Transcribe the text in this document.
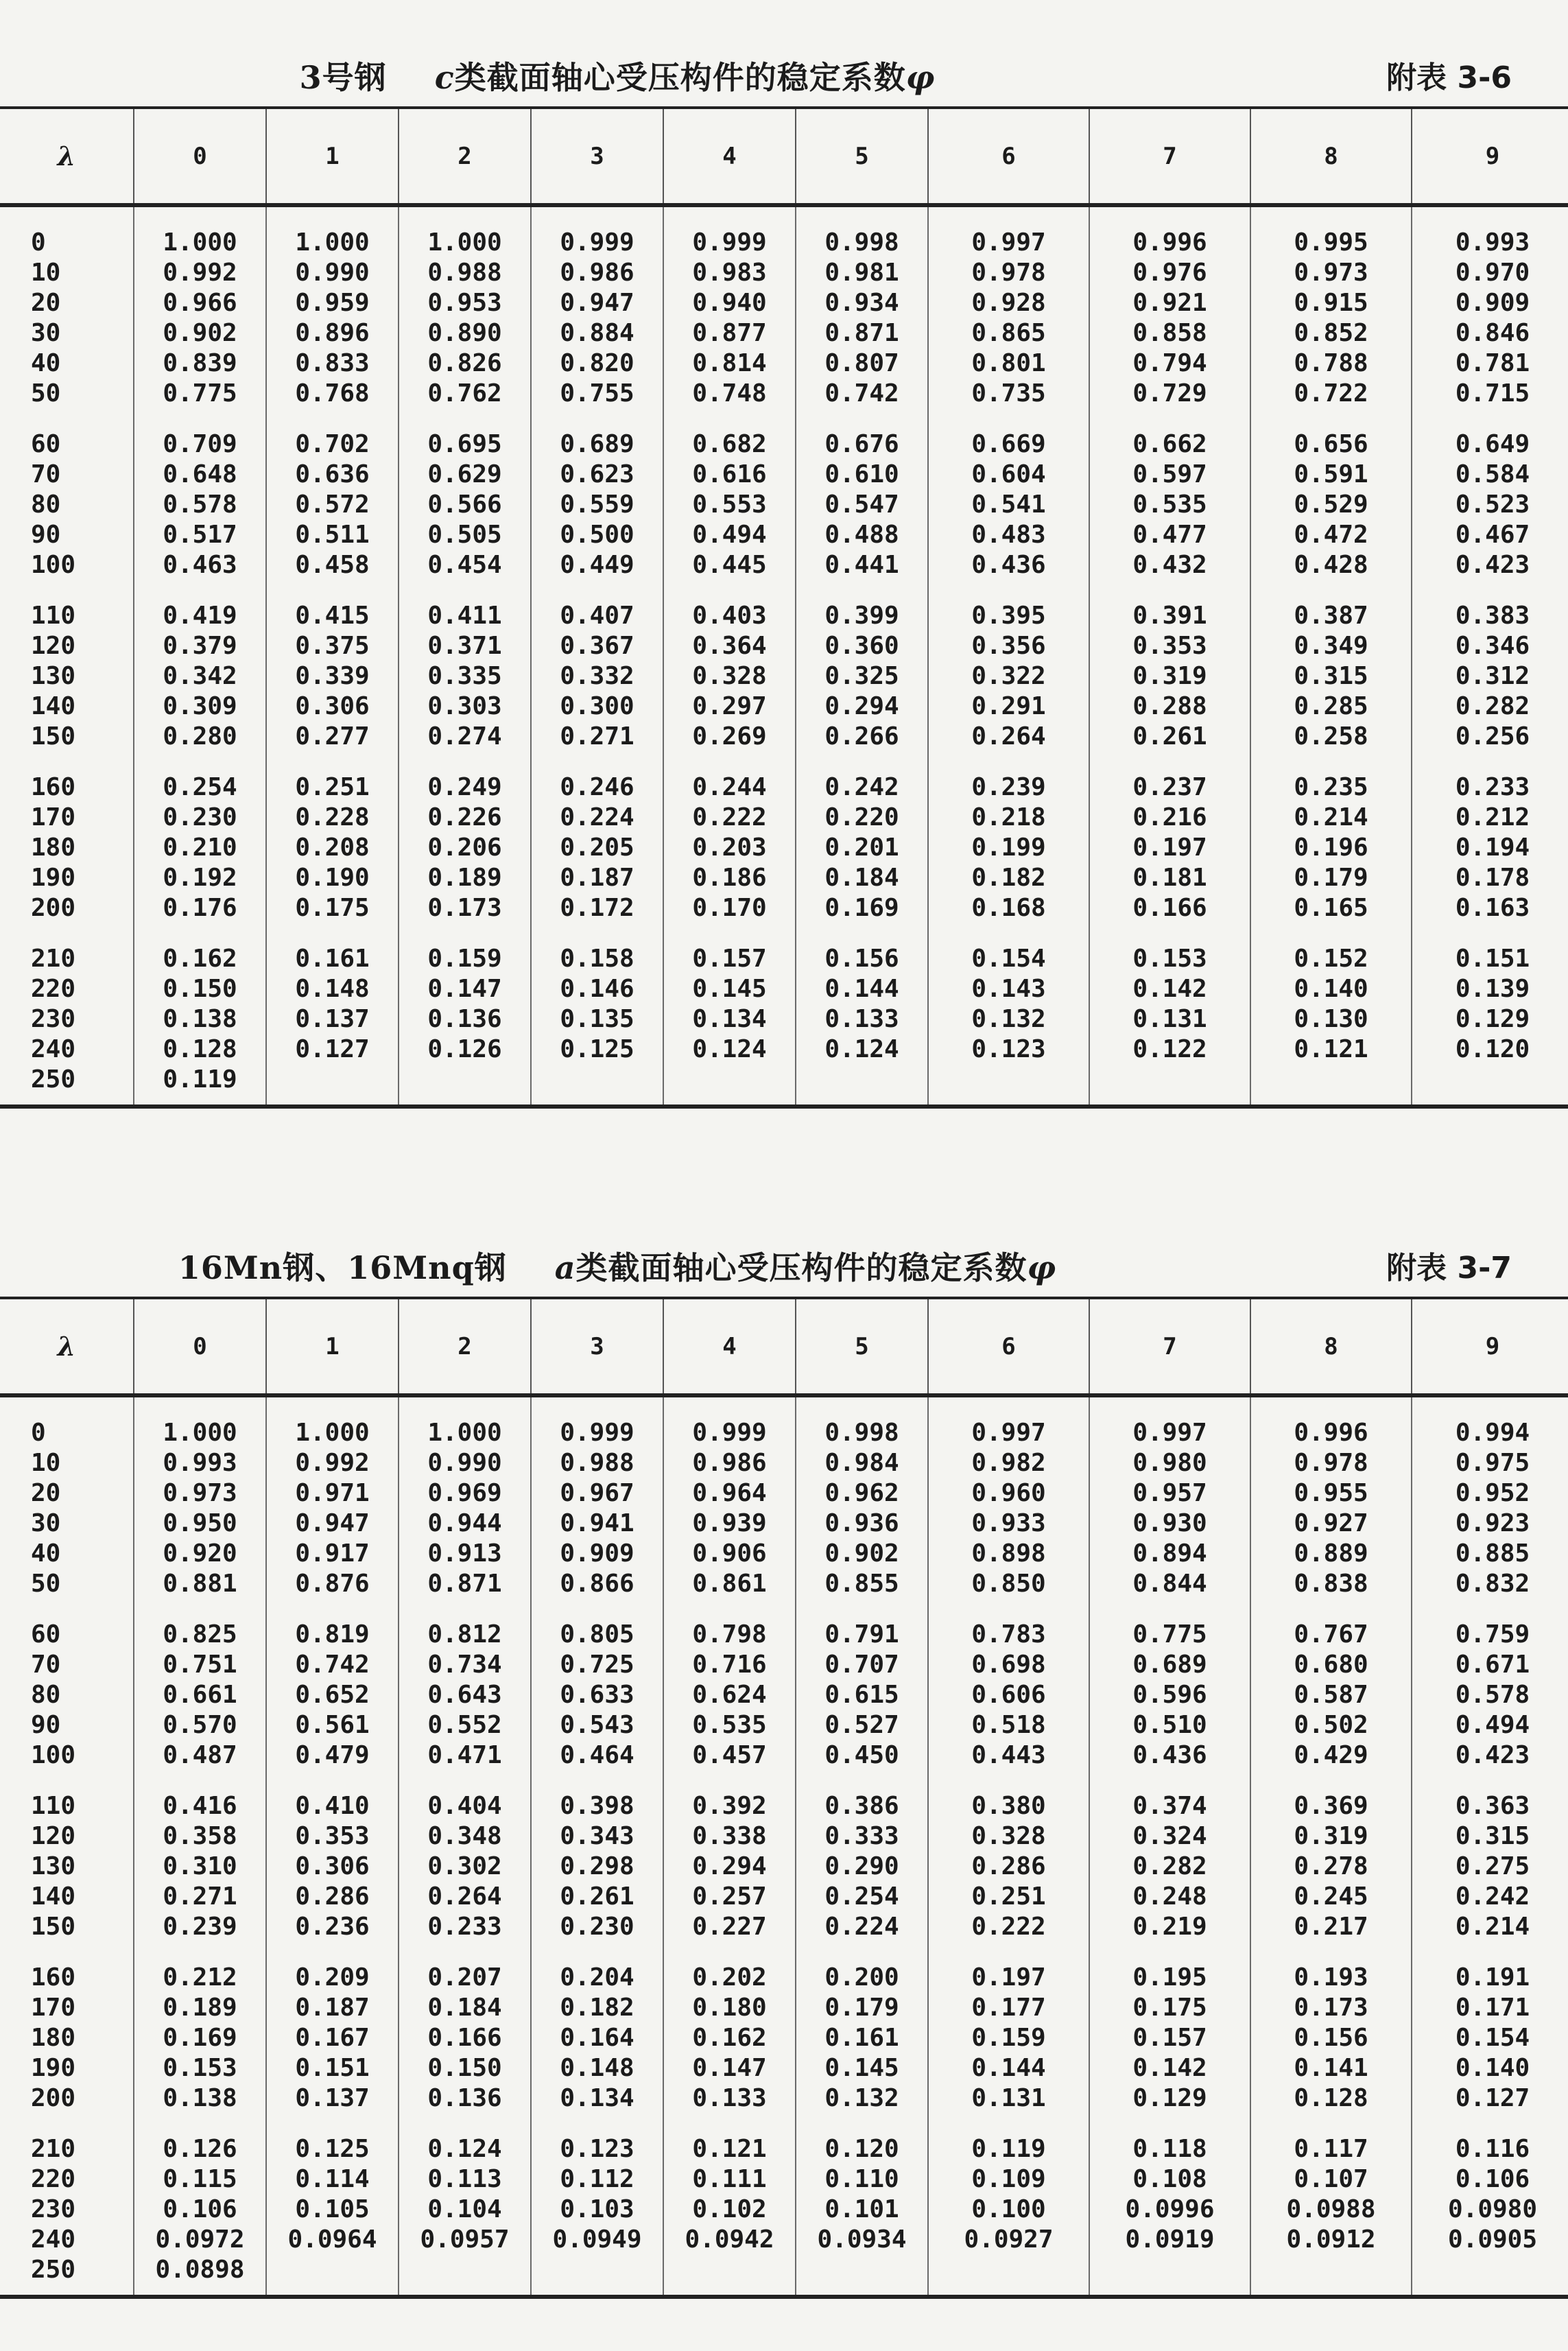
3号钢 c类截面轴心受压构件的稳定系数φ	附表 3-6
λ	0	1	2	3	4	5	6	7	8	9
0	1.000	1.000	1.000	0.999	0.999	0.998	0.997	0.996	0.995	0.993
10	0.992	0.990	0.988	0.986	0.983	0.981	0.978	0.976	0.973	0.970
20	0.966	0.959	0.953	0.947	0.940	0.934	0.928	0.921	0.915	0.909
30	0.902	0.896	0.890	0.884	0.877	0.871	0.865	0.858	0.852	0.846
40	0.839	0.833	0.826	0.820	0.814	0.807	0.801	0.794	0.788	0.781
50	0.775	0.768	0.762	0.755	0.748	0.742	0.735	0.729	0.722	0.715
60	0.709	0.702	0.695	0.689	0.682	0.676	0.669	0.662	0.656	0.649
70	0.648	0.636	0.629	0.623	0.616	0.610	0.604	0.597	0.591	0.584
80	0.578	0.572	0.566	0.559	0.553	0.547	0.541	0.535	0.529	0.523
90	0.517	0.511	0.505	0.500	0.494	0.488	0.483	0.477	0.472	0.467
100	0.463	0.458	0.454	0.449	0.445	0.441	0.436	0.432	0.428	0.423
110	0.419	0.415	0.411	0.407	0.403	0.399	0.395	0.391	0.387	0.383
120	0.379	0.375	0.371	0.367	0.364	0.360	0.356	0.353	0.349	0.346
130	0.342	0.339	0.335	0.332	0.328	0.325	0.322	0.319	0.315	0.312
140	0.309	0.306	0.303	0.300	0.297	0.294	0.291	0.288	0.285	0.282
150	0.280	0.277	0.274	0.271	0.269	0.266	0.264	0.261	0.258	0.256
160	0.254	0.251	0.249	0.246	0.244	0.242	0.239	0.237	0.235	0.233
170	0.230	0.228	0.226	0.224	0.222	0.220	0.218	0.216	0.214	0.212
180	0.210	0.208	0.206	0.205	0.203	0.201	0.199	0.197	0.196	0.194
190	0.192	0.190	0.189	0.187	0.186	0.184	0.182	0.181	0.179	0.178
200	0.176	0.175	0.173	0.172	0.170	0.169	0.168	0.166	0.165	0.163
210	0.162	0.161	0.159	0.158	0.157	0.156	0.154	0.153	0.152	0.151
220	0.150	0.148	0.147	0.146	0.145	0.144	0.143	0.142	0.140	0.139
230	0.138	0.137	0.136	0.135	0.134	0.133	0.132	0.131	0.130	0.129
240	0.128	0.127	0.126	0.125	0.124	0.124	0.123	0.122	0.121	0.120
250	0.119									

16Mn钢、16Mnq钢 a类截面轴心受压构件的稳定系数φ	附表 3-7
λ	0	1	2	3	4	5	6	7	8	9
0	1.000	1.000	1.000	0.999	0.999	0.998	0.997	0.997	0.996	0.994
10	0.993	0.992	0.990	0.988	0.986	0.984	0.982	0.980	0.978	0.975
20	0.973	0.971	0.969	0.967	0.964	0.962	0.960	0.957	0.955	0.952
30	0.950	0.947	0.944	0.941	0.939	0.936	0.933	0.930	0.927	0.923
40	0.920	0.917	0.913	0.909	0.906	0.902	0.898	0.894	0.889	0.885
50	0.881	0.876	0.871	0.866	0.861	0.855	0.850	0.844	0.838	0.832
60	0.825	0.819	0.812	0.805	0.798	0.791	0.783	0.775	0.767	0.759
70	0.751	0.742	0.734	0.725	0.716	0.707	0.698	0.689	0.680	0.671
80	0.661	0.652	0.643	0.633	0.624	0.615	0.606	0.596	0.587	0.578
90	0.570	0.561	0.552	0.543	0.535	0.527	0.518	0.510	0.502	0.494
100	0.487	0.479	0.471	0.464	0.457	0.450	0.443	0.436	0.429	0.423
110	0.416	0.410	0.404	0.398	0.392	0.386	0.380	0.374	0.369	0.363
120	0.358	0.353	0.348	0.343	0.338	0.333	0.328	0.324	0.319	0.315
130	0.310	0.306	0.302	0.298	0.294	0.290	0.286	0.282	0.278	0.275
140	0.271	0.286	0.264	0.261	0.257	0.254	0.251	0.248	0.245	0.242
150	0.239	0.236	0.233	0.230	0.227	0.224	0.222	0.219	0.217	0.214
160	0.212	0.209	0.207	0.204	0.202	0.200	0.197	0.195	0.193	0.191
170	0.189	0.187	0.184	0.182	0.180	0.179	0.177	0.175	0.173	0.171
180	0.169	0.167	0.166	0.164	0.162	0.161	0.159	0.157	0.156	0.154
190	0.153	0.151	0.150	0.148	0.147	0.145	0.144	0.142	0.141	0.140
200	0.138	0.137	0.136	0.134	0.133	0.132	0.131	0.129	0.128	0.127
210	0.126	0.125	0.124	0.123	0.121	0.120	0.119	0.118	0.117	0.116
220	0.115	0.114	0.113	0.112	0.111	0.110	0.109	0.108	0.107	0.106
230	0.106	0.105	0.104	0.103	0.102	0.101	0.100	0.0996	0.0988	0.0980
240	0.0972	0.0964	0.0957	0.0949	0.0942	0.0934	0.0927	0.0919	0.0912	0.0905
250	0.0898									
